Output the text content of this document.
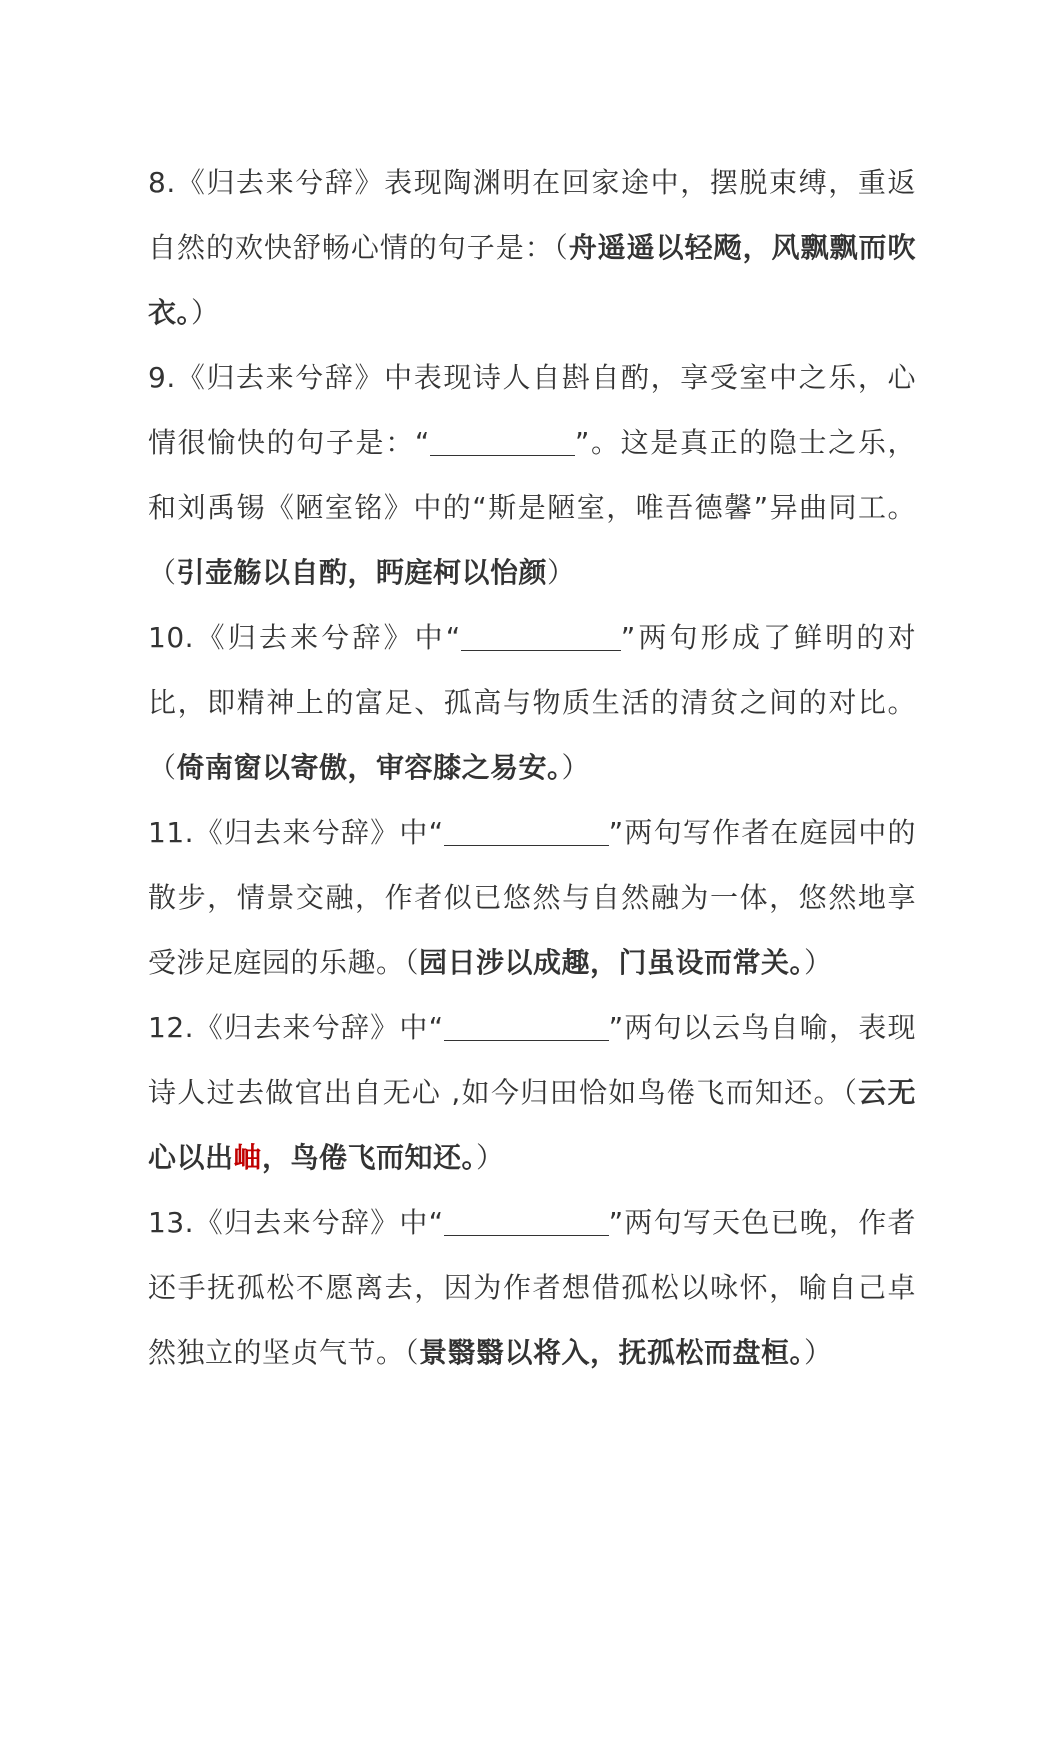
8.《归去来兮辞》表现陶渊明在回家途中，摆脱束缚，重返自然的欢快舒畅心情的句子是：（舟遥遥以轻飏，风飘飘而吹衣。）

9.《归去来兮辞》中表现诗人自斟自酌，享受室中之乐，心情很愉快的句子是：“	”。这是真正的隐士之乐，和刘禹锡《陋室铭》中的“斯是陋室，唯吾德馨”异曲同工。（引壶觞以自酌，眄庭柯以怡颜）

10.《归去来兮辞》中“	”两句形成了鲜明的对比，即精神上的富足、孤高与物质生活的清贫之间的对比。（倚南窗以寄傲，审容膝之易安。）

11.《归去来兮辞》中“	”两句写作者在庭园中的散步，情景交融，作者似已悠然与自然融为一体，悠然地享受涉足庭园的乐趣。（园日涉以成趣，门虽设而常关。）

12.《归去来兮辞》中“	”两句以云鸟自喻，表现诗人过去做官出自无心 ,如今归田恰如鸟倦飞而知还。（云无心以出岫，鸟倦飞而知还。）

13.《归去来兮辞》中“	”两句写天色已晚，作者还手抚孤松不愿离去，因为作者想借孤松以咏怀，喻自己卓然独立的坚贞气节。（景翳翳以将入，抚孤松而盘桓。）
